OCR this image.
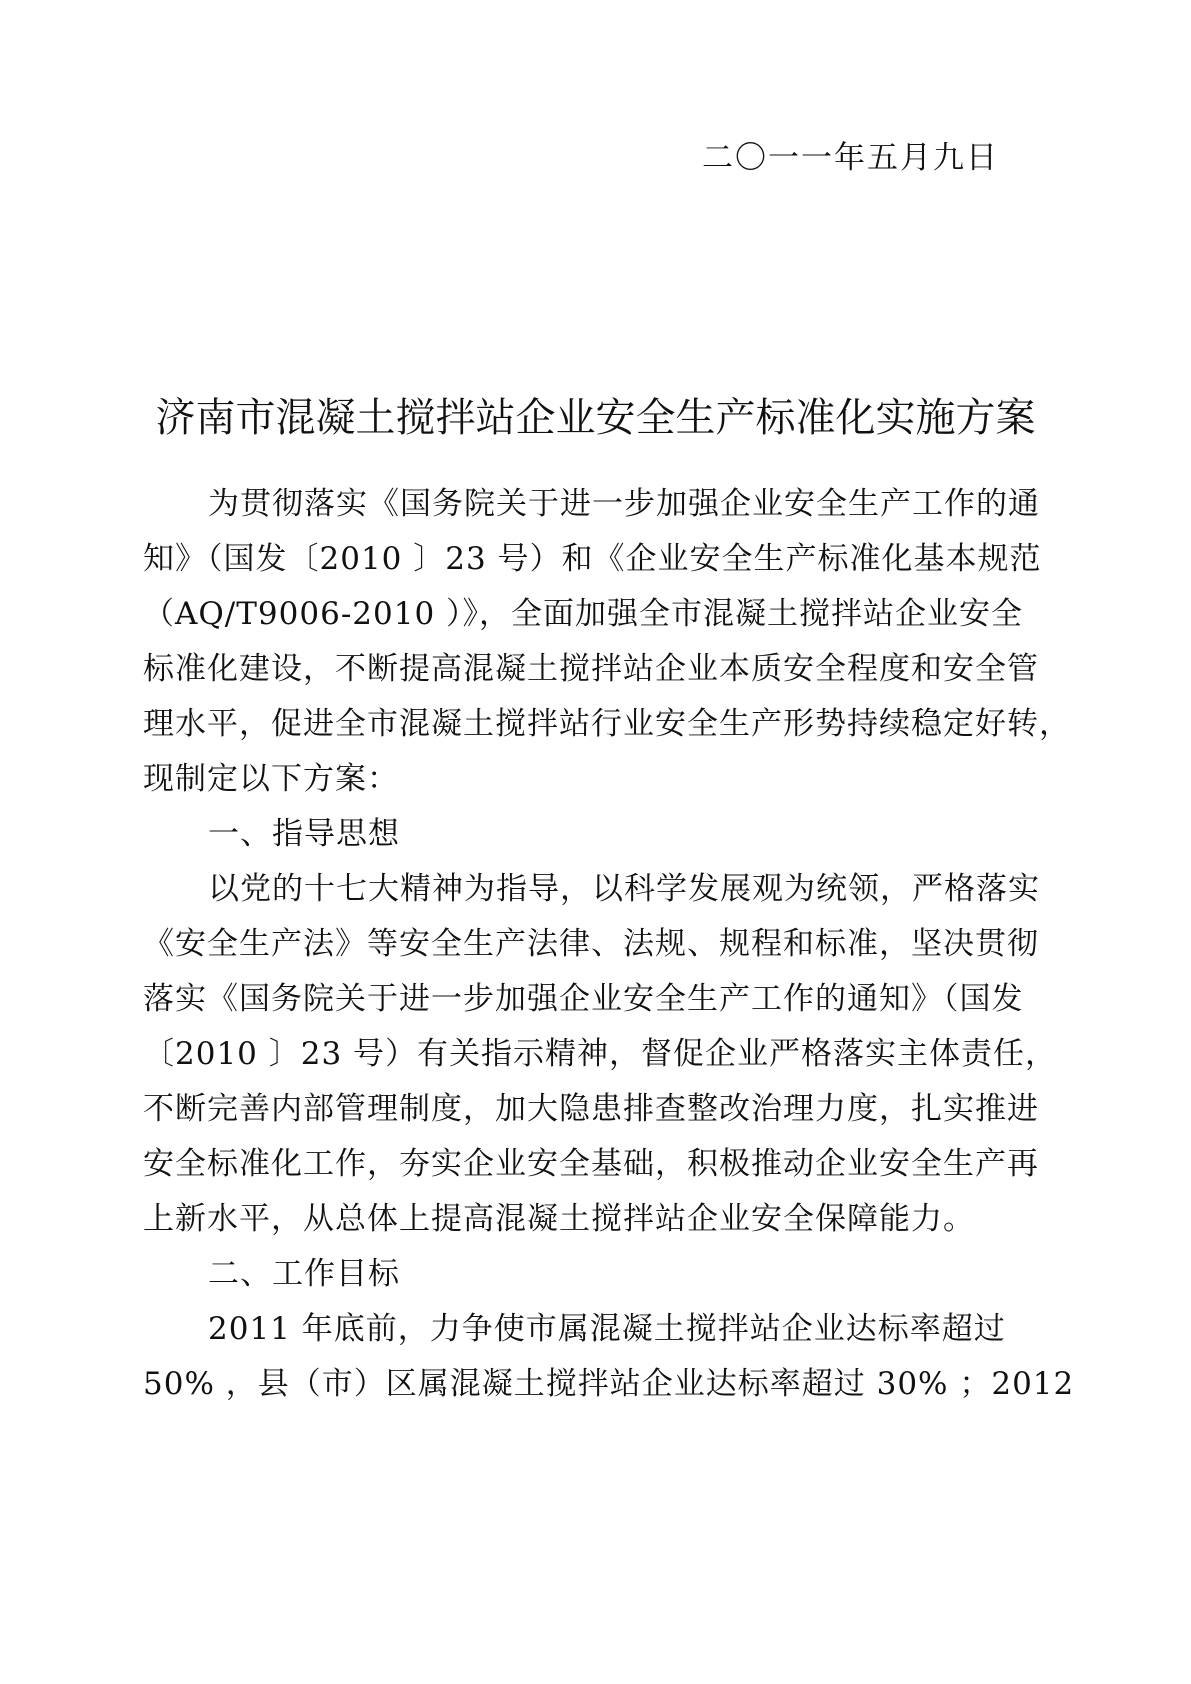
二〇一一年五月九日
济南市混凝土搅拌站企业安全生产标准化实施方案
为贯彻落实《国务院关于进一步加强企业安全生产工作的通
知》（国发〔2010 〕23 号）和《企业安全生产标准化基本规范
（AQ/T9006-2010 ）》，全面加强全市混凝土搅拌站企业安全
标准化建设，不断提高混凝土搅拌站企业本质安全程度和安全管
理水平，促进全市混凝土搅拌站行业安全生产形势持续稳定好转，
现制定以下方案：
一、指导思想
以党的十七大精神为指导，以科学发展观为统领，严格落实
《安全生产法》等安全生产法律、法规、规程和标准，坚决贯彻
落实《国务院关于进一步加强企业安全生产工作的通知》（国发
〔2010 〕23 号）有关指示精神，督促企业严格落实主体责任，
不断完善内部管理制度，加大隐患排查整改治理力度，扎实推进
安全标准化工作，夯实企业安全基础，积极推动企业安全生产再
上新水平，从总体上提高混凝土搅拌站企业安全保障能力。
二、工作目标
2011 年底前，力争使市属混凝土搅拌站企业达标率超过
50% ，县（市）区属混凝土搅拌站企业达标率超过 30% ；2012
